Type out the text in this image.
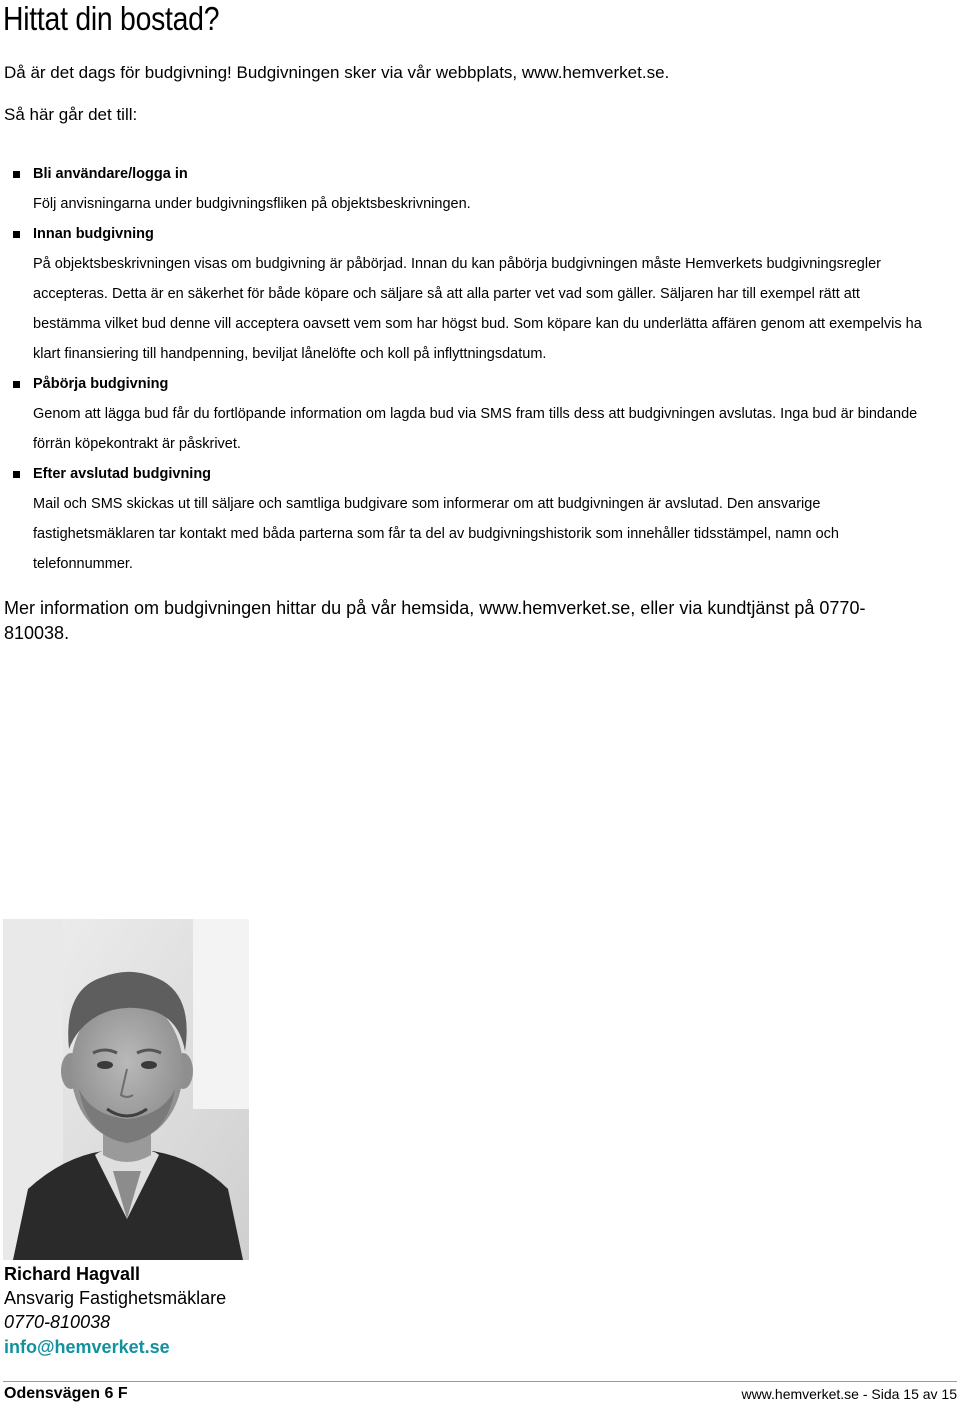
Hittat din bostad?
Då är det dags för budgivning! Budgivningen sker via vår webbplats, www.hemverket.se.
Så här går det till:
Bli användare/logga in
Följ anvisningarna under budgivningsfliken på objektsbeskrivningen.
Innan budgivning
På objektsbeskrivningen visas om budgivning är påbörjad. Innan du kan påbörja budgivningen måste Hemverkets budgivningsregler
accepteras. Detta är en säkerhet för både köpare och säljare så att alla parter vet vad som gäller. Säljaren har till exempel rätt att
bestämma vilket bud denne vill acceptera oavsett vem som har högst bud. Som köpare kan du underlätta affären genom att exempelvis ha
klart finansiering till handpenning, beviljat lånelöfte och koll på inflyttningsdatum.
Påbörja budgivning
Genom att lägga bud får du fortlöpande information om lagda bud via SMS fram tills dess att budgivningen avslutas. Inga bud är bindande
förrän köpekontrakt är påskrivet.
Efter avslutad budgivning
Mail och SMS skickas ut till säljare och samtliga budgivare som informerar om att budgivningen är avslutad. Den ansvarige
fastighetsmäklaren tar kontakt med båda parterna som får ta del av budgivningshistorik som innehåller tidsstämpel, namn och
telefonnummer.
Mer information om budgivningen hittar du på vår hemsida, www.hemverket.se, eller via kundtjänst på 0770-
810038.
Richard Hagvall
Ansvarig Fastighetsmäklare
0770-810038
info@hemverket.se
Odensvägen 6 F	www.hemverket.se - Sida 15 av 15
